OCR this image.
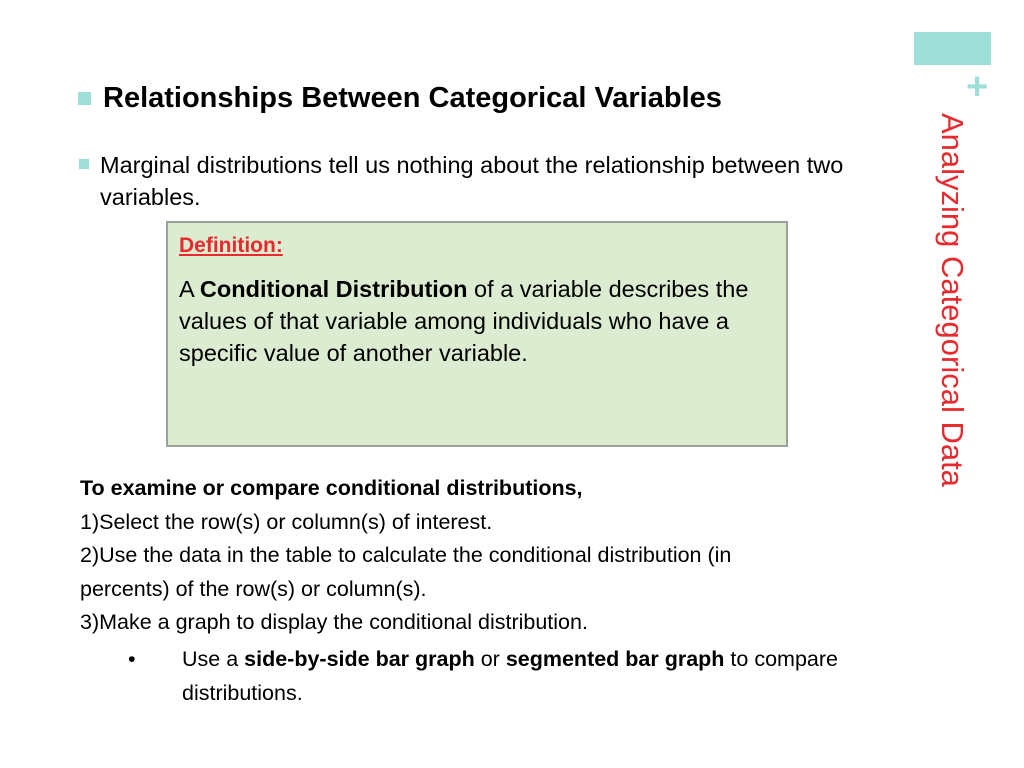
+
Analyzing Categorical Data
Relationships Between Categorical Variables
Marginal distributions tell us nothing about the relationship between two variables.
Definition:
A Conditional Distribution of a variable describes the values of that variable among individuals who have a specific value of another variable.
To examine or compare conditional distributions,
1)Select the row(s) or column(s) of interest.
2)Use the data in the table to calculate the conditional distribution (in percents) of the row(s) or column(s).
3)Make a graph to display the conditional distribution.
• Use a side-by-side bar graph or segmented bar graph to compare distributions.
